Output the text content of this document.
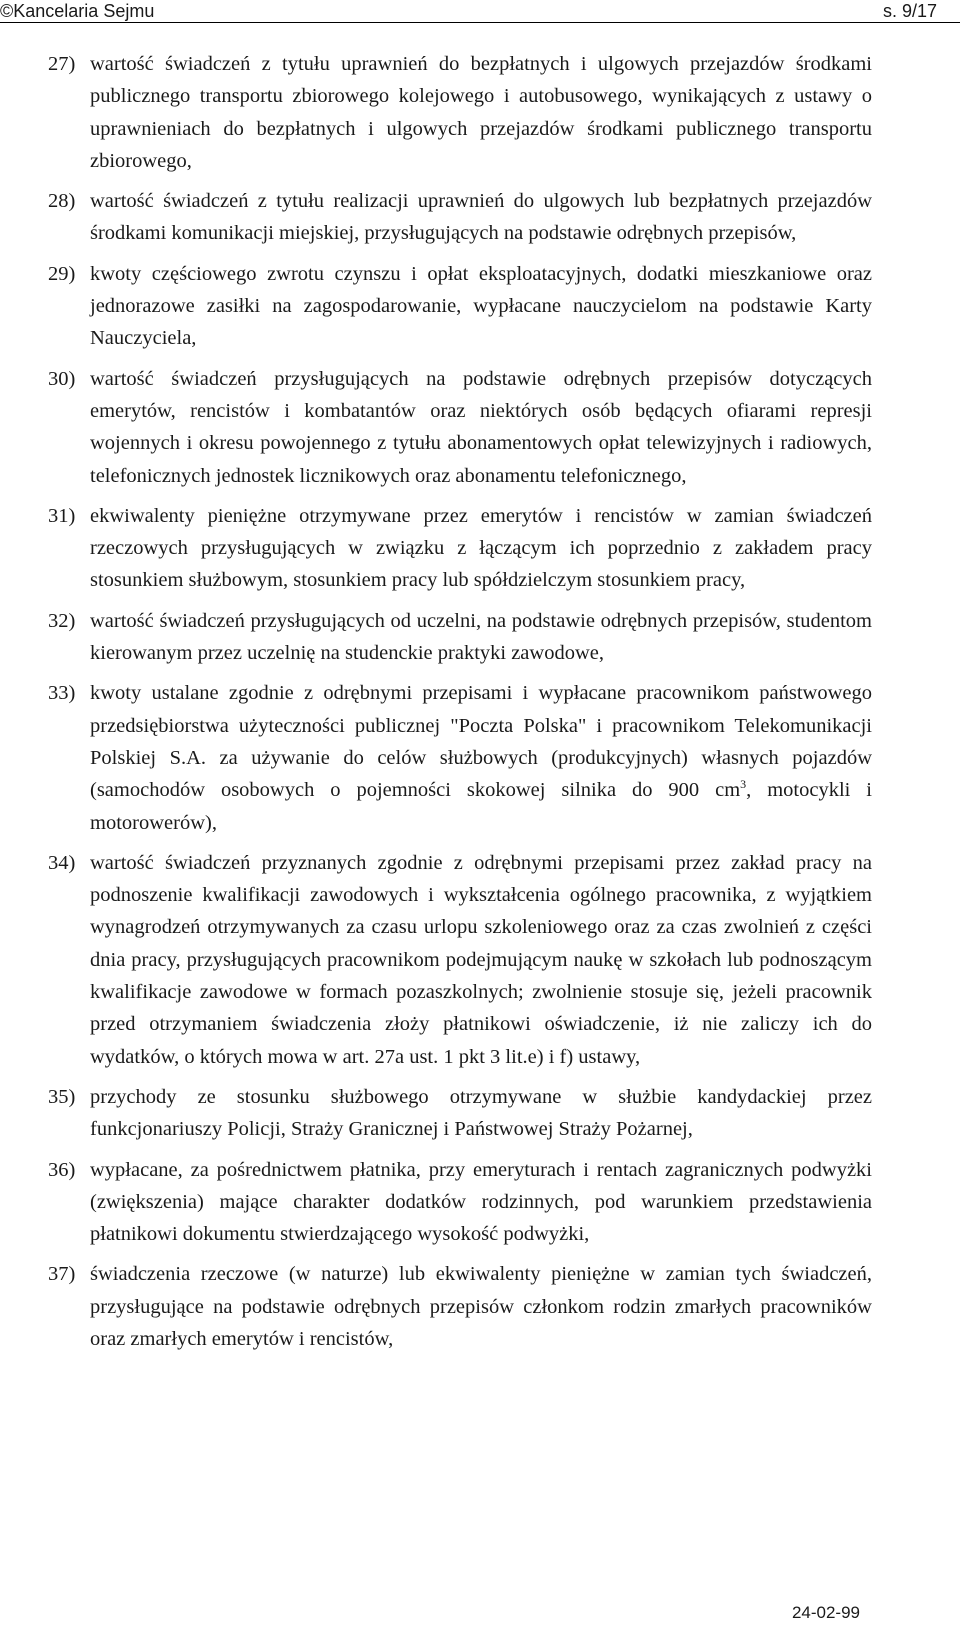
©Kancelaria Sejmu	s. 9/17
27) wartość świadczeń z tytułu uprawnień do bezpłatnych i ulgowych przejazdów środkami publicznego transportu zbiorowego kolejowego i autobusowego, wynikających z ustawy o uprawnieniach do bezpłatnych i ulgowych przejazdów środkami publicznego transportu zbiorowego,
28) wartość świadczeń z tytułu realizacji uprawnień do ulgowych lub bezpłatnych przejazdów środkami komunikacji miejskiej, przysługujących na podstawie odrębnych przepisów,
29) kwoty częściowego zwrotu czynszu i opłat eksploatacyjnych, dodatki mieszkaniowe oraz jednorazowe zasiłki na zagospodarowanie, wypłacane nauczycielom na podstawie Karty Nauczyciela,
30) wartość świadczeń przysługujących na podstawie odrębnych przepisów dotyczących emerytów, rencistów i kombatantów oraz niektórych osób będących ofiarami represji wojennych i okresu powojennego z tytułu abonamentowych opłat telewizyjnych i radiowych, telefonicznych jednostek licznikowych oraz abonamentu telefonicznego,
31) ekwiwalenty pieniężne otrzymywane przez emerytów i rencistów w zamian świadczeń rzeczowych przysługujących w związku z łączącym ich poprzednio z zakładem pracy stosunkiem służbowym, stosunkiem pracy lub spółdzielczym stosunkiem pracy,
32) wartość świadczeń przysługujących od uczelni, na podstawie odrębnych przepisów, studentom kierowanym przez uczelnię na studenckie praktyki zawodowe,
33) kwoty ustalane zgodnie z odrębnymi przepisami i wypłacane pracownikom państwowego przedsiębiorstwa użyteczności publicznej "Poczta Polska" i pracownikom Telekomunikacji Polskiej S.A. za używanie do celów służbowych (produkcyjnych) własnych pojazdów (samochodów osobowych o pojemności skokowej silnika do 900 $cm^3$, motocykli i motorowerów),
34) wartość świadczeń przyznanych zgodnie z odrębnymi przepisami przez zakład pracy na podnoszenie kwalifikacji zawodowych i wykształcenia ogólnego pracownika, z wyjątkiem wynagrodzeń otrzymywanych za czasu urlopu szkoleniowego oraz za czas zwolnień z części dnia pracy, przysługujących pracownikom podejmującym naukę w szkołach lub podnoszącym kwalifikacje zawodowe w formach pozaszkolnych; zwolnienie stosuje się, jeżeli pracownik przed otrzymaniem świadczenia złoży płatnikowi oświadczenie, iż nie zaliczy ich do wydatków, o których mowa w art. 27a ust. 1 pkt 3 lit.e) i f) ustawy,
35) przychody ze stosunku służbowego otrzymywane w służbie kandydackiej przez funkcjonariuszy Policji, Straży Granicznej i Państwowej Straży Pożarnej,
36) wypłacane, za pośrednictwem płatnika, przy emeryturach i rentach zagranicznych podwyżki (zwiększenia) mające charakter dodatków rodzinnych, pod warunkiem przedstawienia płatnikowi dokumentu stwierdzającego wysokość podwyżki,
37) świadczenia rzeczowe (w naturze) lub ekwiwalenty pieniężne w zamian tych świadczeń, przysługujące na podstawie odrębnych przepisów członkom rodzin zmarłych pracowników oraz zmarłych emerytów i rencistów,
24-02-99
